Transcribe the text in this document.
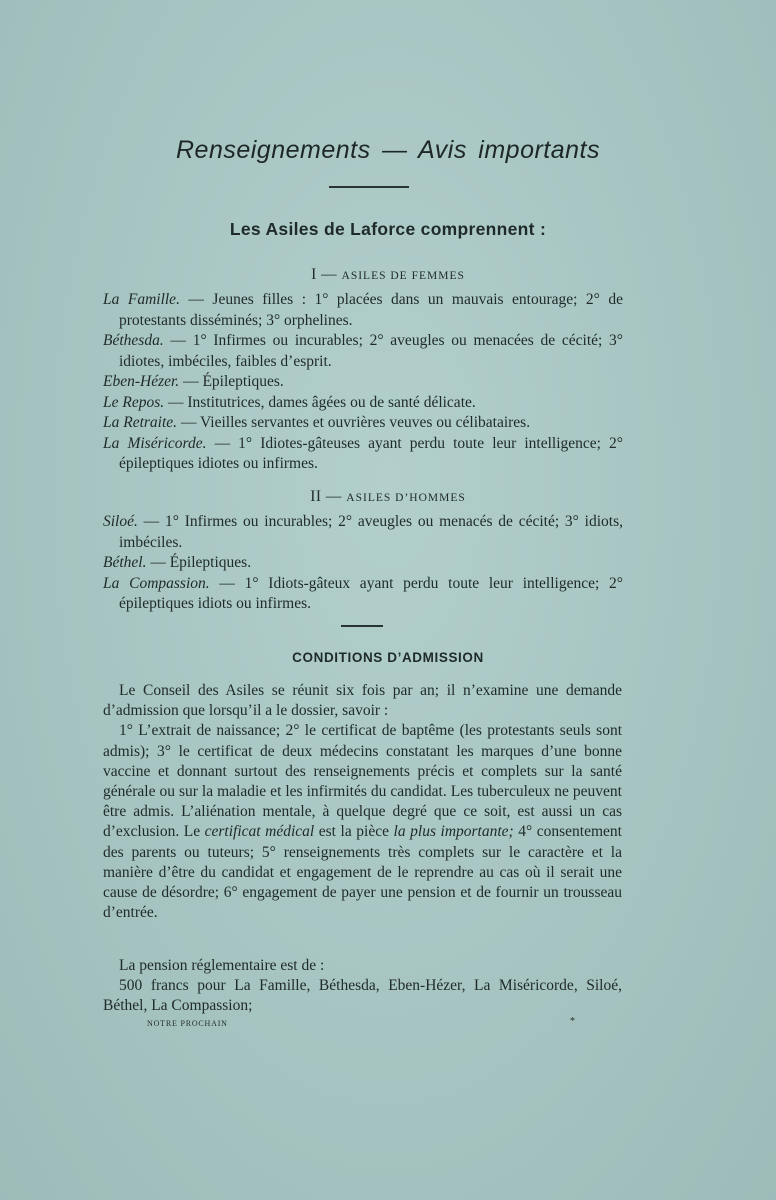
Renseignements — Avis importants
Les Asiles de Laforce comprennent :
I — ASILES DE FEMMES
La Famille. — Jeunes filles : 1° placées dans un mauvais entourage; 2° de protestants disséminés; 3° orphelines.
Béthesda. — 1° Infirmes ou incurables; 2° aveugles ou menacées de cécité; 3° idiotes, imbéciles, faibles d’esprit.
Eben-Hézer. — Épileptiques.
Le Repos. — Institutrices, dames âgées ou de santé délicate.
La Retraite. — Vieilles servantes et ouvrières veuves ou célibataires.
La Miséricorde. — 1° Idiotes-gâteuses ayant perdu toute leur intelligence; 2° épileptiques idiotes ou infirmes.
II — ASILES D’HOMMES
Siloé. — 1° Infirmes ou incurables; 2° aveugles ou menacés de cécité; 3° idiots, imbéciles.
Béthel. — Épileptiques.
La Compassion. — 1° Idiots-gâteux ayant perdu toute leur intelligence; 2° épileptiques idiots ou infirmes.
CONDITIONS D’ADMISSION

Le Conseil des Asiles se réunit six fois par an; il n’examine une demande d’admission que lorsqu’il a le dossier, savoir :

1° L’extrait de naissance; 2° le certificat de baptême (les protestants seuls sont admis); 3° le certificat de deux médecins constatant les marques d’une bonne vaccine et donnant surtout des renseignements précis et complets sur la santé générale ou sur la maladie et les infirmités du candidat. Les tuberculeux ne peuvent être admis. L’aliénation mentale, à quelque degré que ce soit, est aussi un cas d’exclusion. Le certificat médical est la pièce la plus importante; 4° consentement des parents ou tuteurs; 5° renseignements très complets sur le caractère et la manière d’être du candidat et engagement de le reprendre au cas où il serait une cause de désordre; 6° engagement de payer une pension et de fournir un trousseau d’entrée.

La pension réglementaire est de :

500 francs pour La Famille, Béthesda, Eben-Hézer, La Miséricorde, Siloé, Béthel, La Compassion;

NOTRE PROCHAIN	*
